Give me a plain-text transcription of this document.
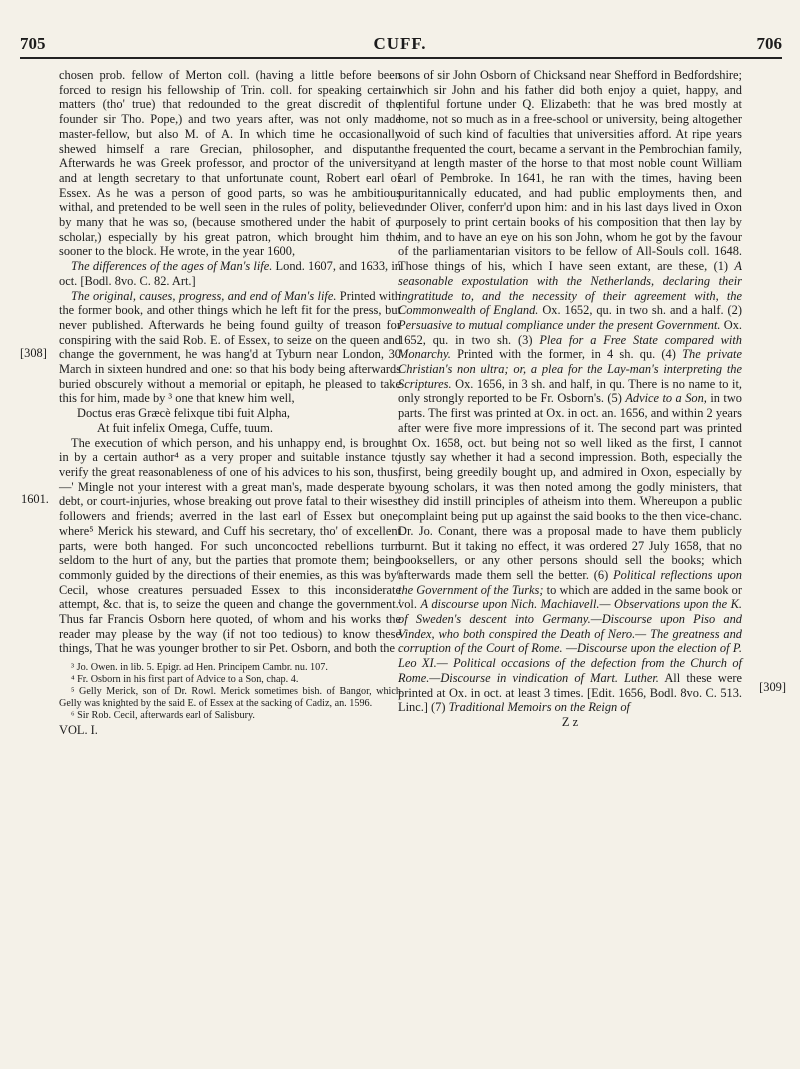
705	CUFF.	706
[308]
1601.
[309]

chosen prob. fellow of Merton coll. (having a little before been forced to resign his fellowship of Trin. coll. for speaking certain matters (tho' true) that redounded to the great discredit of the founder sir Tho. Pope,) and two years after, was not only made master-fellow, but also M. of A. In which time he occasionally shewed himself a rare Grecian, philosopher, and disputant. Afterwards he was Greek professor, and proctor of the university, and at length secretary to that unfortunate count, Robert earl of Essex. As he was a person of good parts, so was he ambitious withal, and pretended to be well seen in the rules of polity, believed by many that he was so, (because smothered under the habit of a scholar,) especially by his great patron, which brought him the sooner to the block. He wrote, in the year 1600,

The differences of the ages of Man's life. Lond. 1607, and 1633, in oct. [Bodl. 8vo. C. 82. Art.]

The original, causes, progress, and end of Man's life. Printed with the former book, and other things which he left fit for the press, but never published. Afterwards he being found guilty of treason for conspiring with the said Rob. E. of Essex, to seize on the queen and change the government, he was hang'd at Tyburn near London, 30 March in sixteen hundred and one: so that his body being afterwards buried obscurely without a memorial or epitaph, he pleased to take this for him, made by ³ one that knew him well,

Doctus eras Græcè felixque tibi fuit Alpha,

At fuit infelix Omega, Cuffe, tuum.

The execution of which person, and his unhappy end, is brought in by a certain author⁴ as a very proper and suitable instance to verify the great reasonableness of one of his advices to his son, thus,—' Mingle not your interest with a great man's, made desperate by debt, or court-injuries, whose breaking out prove fatal to their wisest followers and friends; averred in the last earl of Essex but one, where⁵ Merick his steward, and Cuff his secretary, tho' of excellent parts, were both hanged. For such unconcocted rebellions turn seldom to the hurt of any, but the parties that promote them; being commonly guided by the directions of their enemies, as this was by⁶ Cecil, whose creatures persuaded Essex to this inconsiderate attempt, &c. that is, to seize the queen and change the government.' Thus far Francis Osborn here quoted, of whom and his works the reader may please by the way (if not too tedious) to know these things, That he was younger brother to sir Pet. Osborn, and both the

³ Jo. Owen. in lib. 5. Epigr. ad Hen. Principem Cambr. nu. 107.

⁴ Fr. Osborn in his first part of Advice to a Son, chap. 4.

⁵ Gelly Merick, son of Dr. Rowl. Merick sometimes bish. of Bangor, which Gelly was knighted by the said E. of Essex at the sacking of Cadiz, an. 1596.

⁶ Sir Rob. Cecil, afterwards earl of Salisbury.

VOL. I.

sons of sir John Osborn of Chicksand near Shefford in Bedfordshire; which sir John and his father did both enjoy a quiet, happy, and plentiful fortune under Q. Elizabeth: that he was bred mostly at home, not so much as in a free-school or university, being altogether void of such kind of faculties that universities afford. At ripe years he frequented the court, became a servant in the Pembrochian family, and at length master of the horse to that most noble count William earl of Pembroke. In 1641, he ran with the times, having been puritannically educated, and had public employments then, and under Oliver, conferr'd upon him: and in his last days lived in Oxon purposely to print certain books of his composition that then lay by him, and to have an eye on his son John, whom he got by the favour of the parliamentarian visitors to be fellow of All-Souls coll. 1648. Those things of his, which I have seen extant, are these, (1) A seasonable expostulation with the Netherlands, declaring their ingratitude to, and the necessity of their agreement with, the Commonwealth of England. Ox. 1652, qu. in two sh. and a half. (2) Persuasive to mutual compliance under the present Government. Ox. 1652, qu. in two sh. (3) Plea for a Free State compared with Monarchy. Printed with the former, in 4 sh. qu. (4) The private Christian's non ultra; or, a plea for the Lay-man's interpreting the Scriptures. Ox. 1656, in 3 sh. and half, in qu. There is no name to it, only strongly reported to be Fr. Osborn's. (5) Advice to a Son, in two parts. The first was printed at Ox. in oct. an. 1656, and within 2 years after were five more impressions of it. The second part was printed at Ox. 1658, oct. but being not so well liked as the first, I cannot justly say whether it had a second impression. Both, especially the first, being greedily bought up, and admired in Oxon, especially by young scholars, it was then noted among the godly ministers, that they did instill principles of atheism into them. Whereupon a public complaint being put up against the said books to the then vice-chanc. Dr. Jo. Conant, there was a proposal made to have them publicly burnt. But it taking no effect, it was ordered 27 July 1658, that no booksellers, or any other persons should sell the books; which afterwards made them sell the better. (6) Political reflections upon the Government of the Turks; to which are added in the same book or vol. A discourse upon Nich. Machiavell.— Observations upon the K. of Sweden's descent into Germany.—Discourse upon Piso and Vindex, who both conspired the Death of Nero.— The greatness and corruption of the Court of Rome. —Discourse upon the election of P. Leo XI.— Political occasions of the defection from the Church of Rome.—Discourse in vindication of Mart. Luther. All these were printed at Ox. in oct. at least 3 times. [Edit. 1656, Bodl. 8vo. C. 513. Linc.] (7) Traditional Memoirs on the Reign of

Z z
